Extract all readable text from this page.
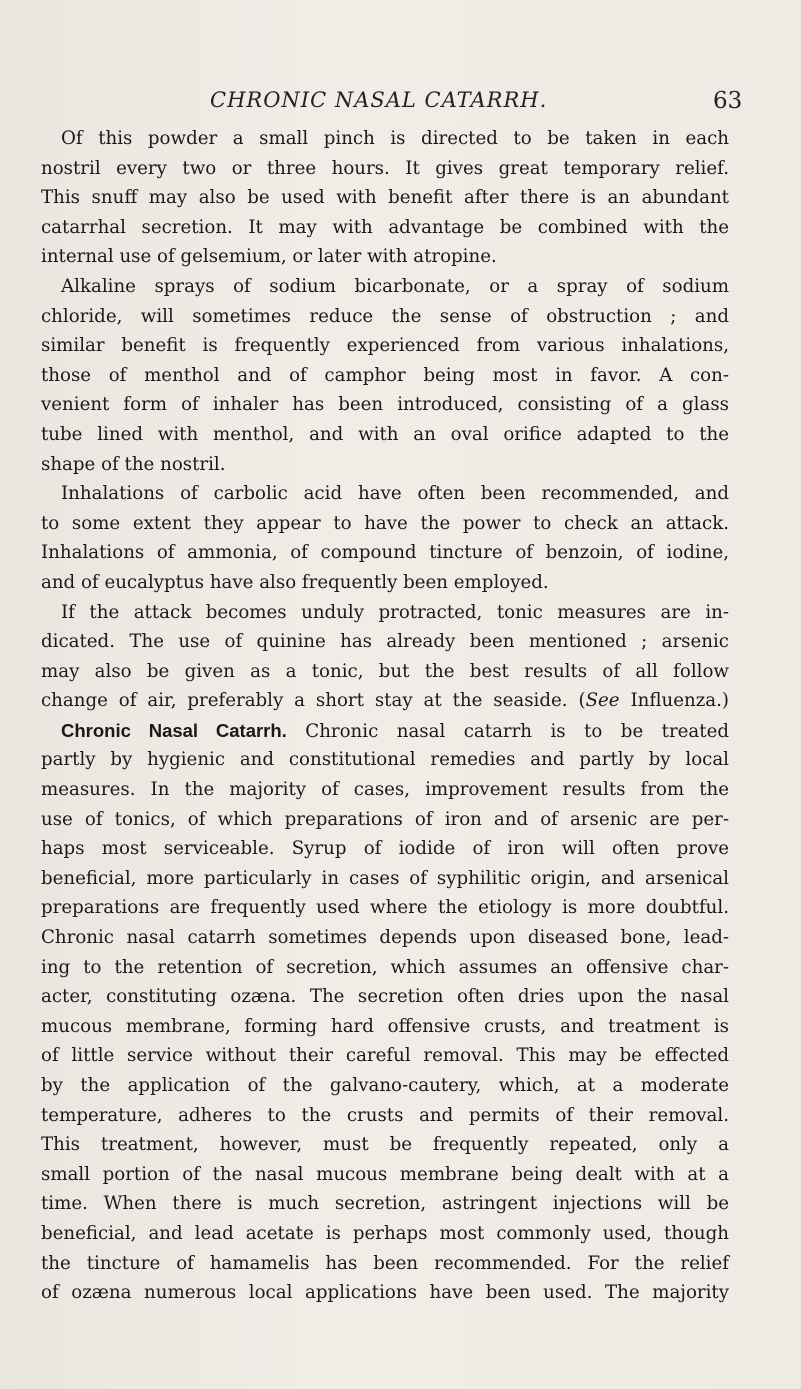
CHRONIC NASAL CATARRH.	63
Of this powder a small pinch is directed to be taken in each
nostril every two or three hours. It gives great temporary relief.
This snuff may also be used with benefit after there is an abundant
catarrhal secretion. It may with advantage be combined with the
internal use of gelsemium, or later with atropine.
Alkaline sprays of sodium bicarbonate, or a spray of sodium
chloride, will sometimes reduce the sense of obstruction ; and
similar benefit is frequently experienced from various inhalations,
those of menthol and of camphor being most in favor. A con-
venient form of inhaler has been introduced, consisting of a glass
tube lined with menthol, and with an oval orifice adapted to the
shape of the nostril.
Inhalations of carbolic acid have often been recommended, and
to some extent they appear to have the power to check an attack.
Inhalations of ammonia, of compound tincture of benzoin, of iodine,
and of eucalyptus have also frequently been employed.
If the attack becomes unduly protracted, tonic measures are in-
dicated. The use of quinine has already been mentioned ; arsenic
may also be given as a tonic, but the best results of all follow
change of air, preferably a short stay at the seaside. (See Influenza.)
Chronic Nasal Catarrh. Chronic nasal catarrh is to be treated
partly by hygienic and constitutional remedies and partly by local
measures. In the majority of cases, improvement results from the
use of tonics, of which preparations of iron and of arsenic are per-
haps most serviceable. Syrup of iodide of iron will often prove
beneficial, more particularly in cases of syphilitic origin, and arsenical
preparations are frequently used where the etiology is more doubtful.
Chronic nasal catarrh sometimes depends upon diseased bone, lead-
ing to the retention of secretion, which assumes an offensive char-
acter, constituting ozæna. The secretion often dries upon the nasal
mucous membrane, forming hard offensive crusts, and treatment is
of little service without their careful removal. This may be effected
by the application of the galvano-cautery, which, at a moderate
temperature, adheres to the crusts and permits of their removal.
This treatment, however, must be frequently repeated, only a
small portion of the nasal mucous membrane being dealt with at a
time. When there is much secretion, astringent injections will be
beneficial, and lead acetate is perhaps most commonly used, though
the tincture of hamamelis has been recommended. For the relief
of ozæna numerous local applications have been used. The majority
